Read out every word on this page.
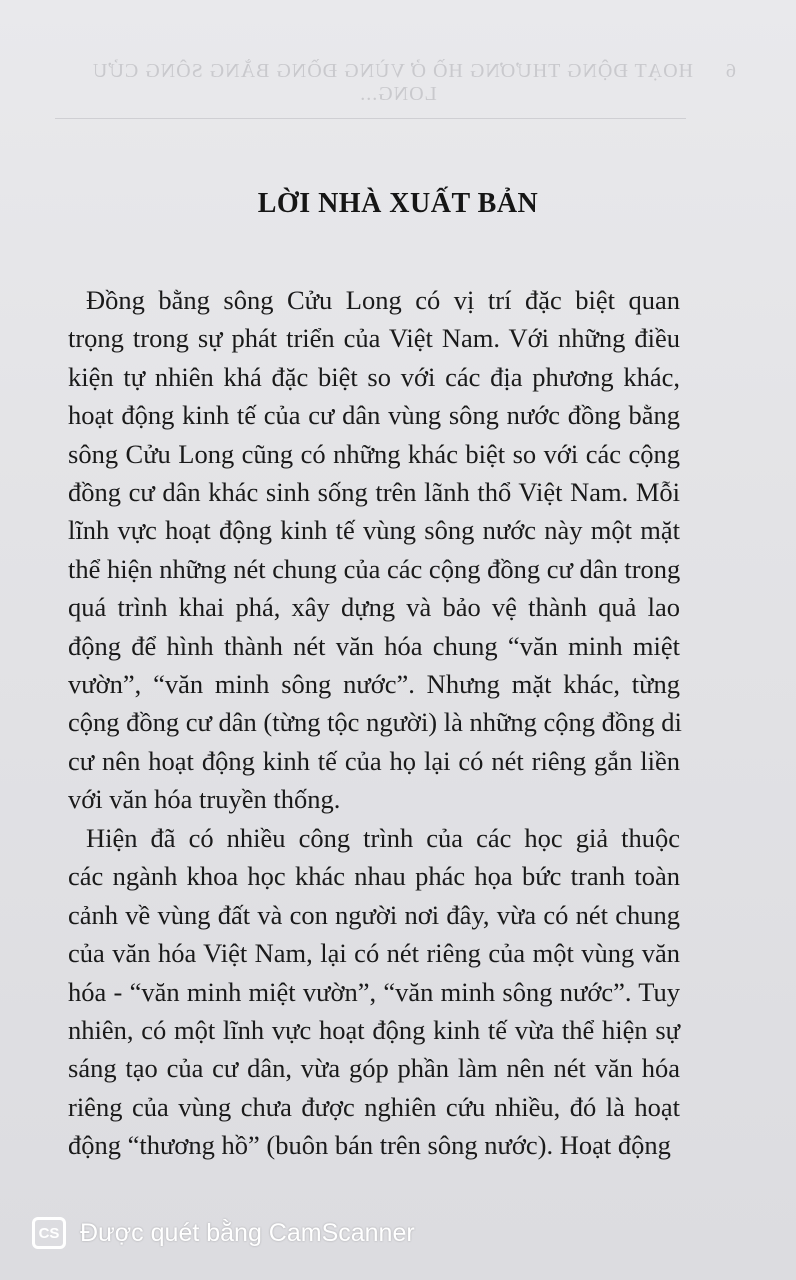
6
HOẠT ĐỘNG THƯƠNG HỒ Ở VÙNG ĐỒNG BẰNG SÔNG CỬU LONG...
LỜI NHÀ XUẤT BẢN
Đồng bằng sông Cửu Long có vị trí đặc biệt quan
trọng trong sự phát triển của Việt Nam. Với những điều
kiện tự nhiên khá đặc biệt so với các địa phương khác,
hoạt động kinh tế của cư dân vùng sông nước đồng bằng
sông Cửu Long cũng có những khác biệt so với các cộng
đồng cư dân khác sinh sống trên lãnh thổ Việt Nam. Mỗi
lĩnh vực hoạt động kinh tế vùng sông nước này một mặt
thể hiện những nét chung của các cộng đồng cư dân trong
quá trình khai phá, xây dựng và bảo vệ thành quả lao
động để hình thành nét văn hóa chung “văn minh miệt
vườn”, “văn minh sông nước”. Nhưng mặt khác, từng
cộng đồng cư dân (từng tộc người) là những cộng đồng di
cư nên hoạt động kinh tế của họ lại có nét riêng gắn liền
với văn hóa truyền thống.
Hiện đã có nhiều công trình của các học giả thuộc
các ngành khoa học khác nhau phác họa bức tranh toàn
cảnh về vùng đất và con người nơi đây, vừa có nét chung
của văn hóa Việt Nam, lại có nét riêng của một vùng văn
hóa - “văn minh miệt vườn”, “văn minh sông nước”. Tuy
nhiên, có một lĩnh vực hoạt động kinh tế vừa thể hiện sự
sáng tạo của cư dân, vừa góp phần làm nên nét văn hóa
riêng của vùng chưa được nghiên cứu nhiều, đó là hoạt
động “thương hồ” (buôn bán trên sông nước). Hoạt động
CS Được quét bằng CamScanner
